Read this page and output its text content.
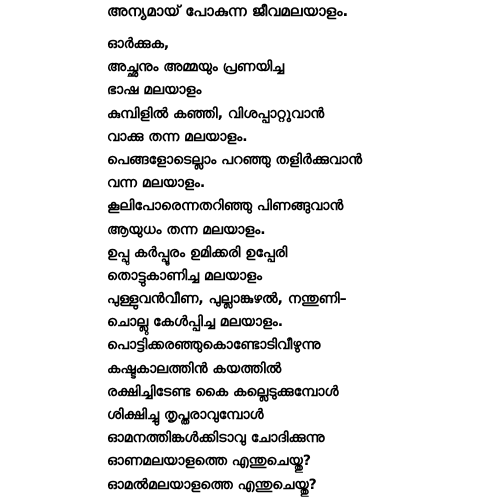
അന്യമായ് പോകുന്ന ജീവമലയാളം.
ഓർക്കുക,
അച്ഛനും അമ്മയും പ്രണയിച്ച
ഭാഷ മലയാളം
കുമ്പിളിൽ കഞ്ഞി, വിശപ്പാറ്റുവാൻ
വാക്കു തന്ന മലയാളം.
പെങ്ങളോടെല്ലാം പറഞ്ഞു തളിർക്കുവാൻ
വന്ന മലയാളം.
കൂലിപോരെന്നതറിഞ്ഞു പിണങ്ങുവാൻ
ആയുധം തന്ന മലയാളം.
ഉപ്പു കർപ്പൂരം ഉമിക്കരി ഉപ്പേരി
തൊട്ടുകാണിച്ച മലയാളം
പുള്ളുവൻവീണ, പുല്ലാങ്കുഴൽ, നന്തുണി–
ചൊല്ലു കേൾപ്പിച്ച മലയാളം.
പൊട്ടിക്കരഞ്ഞുകൊണ്ടോടിവീഴുന്നു
കഷ്ടകാലത്തിൻ കയത്തിൽ
രക്ഷിച്ചിടേണ്ട കൈ കല്ലെടുക്കുമ്പോൾ
ശിക്ഷിച്ചു തൃപ്തരാവുമ്പോൾ
ഓമനത്തിങ്കൾക്കിടാവു ചോദിക്കുന്നു
ഓണമലയാളത്തെ എന്തുചെയ്തു?
ഓമൽമലയാളത്തെ എന്തുചെയ്തു?
